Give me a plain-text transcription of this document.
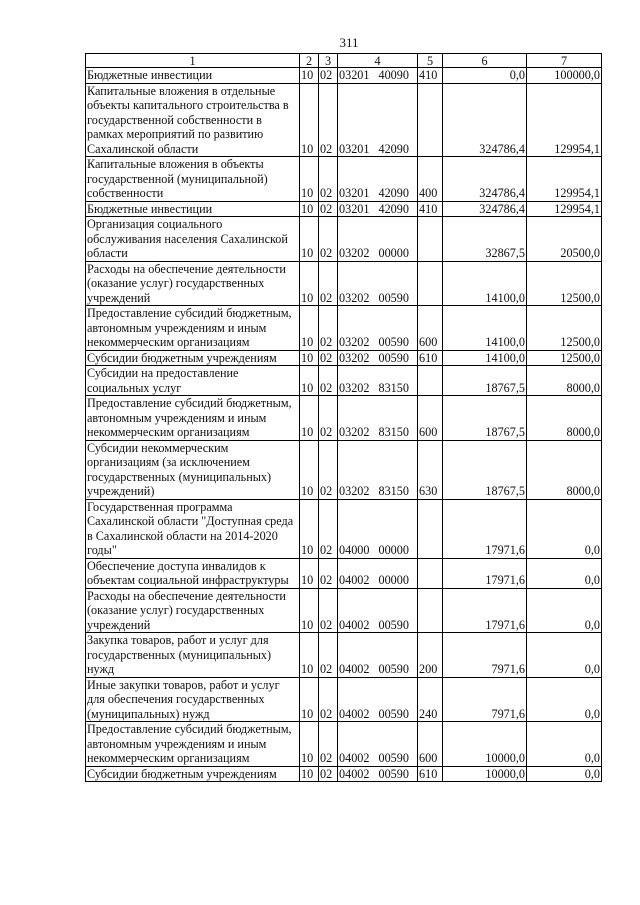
311
1	2	3	4	5	6	7
Бюджетные инвестиции	10	02	03201 40090	410	0,0	100000,0
Капитальные вложения в отдельные объекты капитального строительства в государственной собственности в рамках мероприятий по развитию Сахалинской области	10	02	03201 42090		324786,4	129954,1
Капитальные вложения в объекты государственной (муниципальной) собственности	10	02	03201 42090	400	324786,4	129954,1
Бюджетные инвестиции	10	02	03201 42090	410	324786,4	129954,1
Организация социального обслуживания населения Сахалинской области	10	02	03202 00000		32867,5	20500,0
Расходы на обеспечение деятельности (оказание услуг) государственных учреждений	10	02	03202 00590		14100,0	12500,0
Предоставление субсидий бюджетным, автономным учреждениям и иным некоммерческим организациям	10	02	03202 00590	600	14100,0	12500,0
Субсидии бюджетным учреждениям	10	02	03202 00590	610	14100,0	12500,0
Субсидии на предоставление социальных услуг	10	02	03202 83150		18767,5	8000,0
Предоставление субсидий бюджетным, автономным учреждениям и иным некоммерческим организациям	10	02	03202 83150	600	18767,5	8000,0
Субсидии некоммерческим организациям (за исключением государственных (муниципальных) учреждений)	10	02	03202 83150	630	18767,5	8000,0
Государственная программа Сахалинской области "Доступная среда в Сахалинской области на 2014-2020 годы"	10	02	04000 00000		17971,6	0,0
Обеспечение доступа инвалидов к объектам социальной инфраструктуры	10	02	04002 00000		17971,6	0,0
Расходы на обеспечение деятельности (оказание услуг) государственных учреждений	10	02	04002 00590		17971,6	0,0
Закупка товаров, работ и услуг для государственных (муниципальных) нужд	10	02	04002 00590	200	7971,6	0,0
Иные закупки товаров, работ и услуг для обеспечения государственных (муниципальных) нужд	10	02	04002 00590	240	7971,6	0,0
Предоставление субсидий бюджетным, автономным учреждениям и иным некоммерческим организациям	10	02	04002 00590	600	10000,0	0,0
Субсидии бюджетным учреждениям	10	02	04002 00590	610	10000,0	0,0
